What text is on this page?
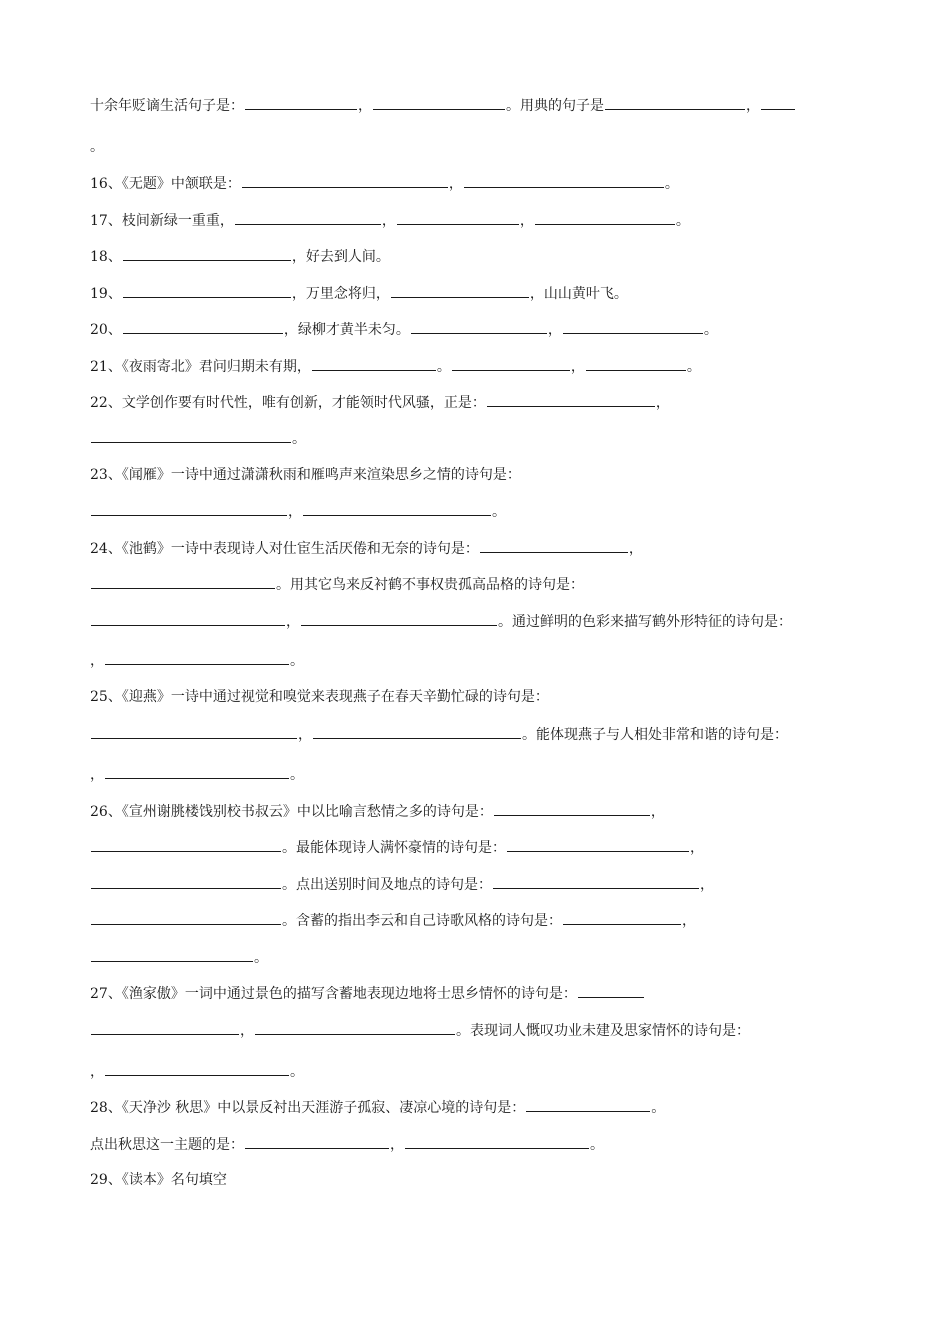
十余年贬谪生活句子是：	，	。用典的句子是	，
。
16、《无题》中颔联是：	，	。
17、枝间新绿一重重，	，	，	。
18、	，好去到人间。
19、	，万里念将归，	，山山黄叶飞。
20、	，绿柳才黄半未匀。	，	。
21、《夜雨寄北》君问归期未有期，	。	，	。
22、文学创作要有时代性，唯有创新，才能领时代风骚，正是：	，
。
23、《闻雁》一诗中通过潇潇秋雨和雁鸣声来渲染思乡之情的诗句是：
，	。
24、《池鹤》一诗中表现诗人对仕宦生活厌倦和无奈的诗句是：	，
。用其它鸟来反衬鹤不事权贵孤高品格的诗句是：
，	。通过鲜明的色彩来描写鹤外形特征的诗句是：
，	。
25、《迎燕》一诗中通过视觉和嗅觉来表现燕子在春天辛勤忙碌的诗句是：
，	。能体现燕子与人相处非常和谐的诗句是：
，	。
26、《宣州谢朓楼饯别校书叔云》中以比喻言愁情之多的诗句是：	，
。最能体现诗人满怀豪情的诗句是：	，
。点出送别时间及地点的诗句是：	，
。含蓄的指出李云和自己诗歌风格的诗句是：	，
。
27、《渔家傲》一词中通过景色的描写含蓄地表现边地将士思乡情怀的诗句是：
，	。表现词人慨叹功业未建及思家情怀的诗句是：
，	。
28、《天净沙 秋思》中以景反衬出天涯游子孤寂、凄凉心境的诗句是：	。
点出秋思这一主题的是：	，	。
29、《读本》名句填空
